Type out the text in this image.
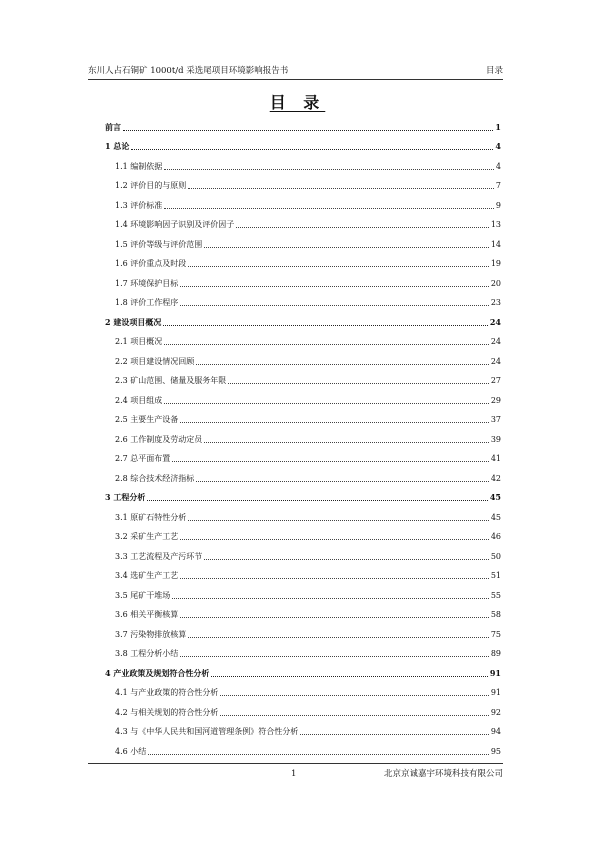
东川人占石铜矿 1000t/d 采选尾项目环境影响报告书	目录
目 录
前言	1
1 总论	4
1.1 编制依据	4
1.2 评价目的与原则	7
1.3 评价标准	9
1.4 环境影响因子识别及评价因子	13
1.5 评价等级与评价范围	14
1.6 评价重点及时段	19
1.7 环境保护目标	20
1.8 评价工作程序	23
2 建设项目概况	24
2.1 项目概况	24
2.2 项目建设情况回顾	24
2.3 矿山范围、储量及服务年限	27
2.4 项目组成	29
2.5 主要生产设备	37
2.6 工作制度及劳动定员	39
2.7 总平面布置	41
2.8 综合技术经济指标	42
3 工程分析	45
3.1 原矿石特性分析	45
3.2 采矿生产工艺	46
3.3 工艺流程及产污环节	50
3.4 选矿生产工艺	51
3.5 尾矿干堆场	55
3.6 相关平衡核算	58
3.7 污染物排放核算	75
3.8 工程分析小结	89
4 产业政策及规划符合性分析	91
4.1 与产业政策的符合性分析	91
4.2 与相关规划的符合性分析	92
4.3 与《中华人民共和国河道管理条例》符合性分析	94
4.6 小结	95
1	北京京诚嘉宇环境科技有限公司
